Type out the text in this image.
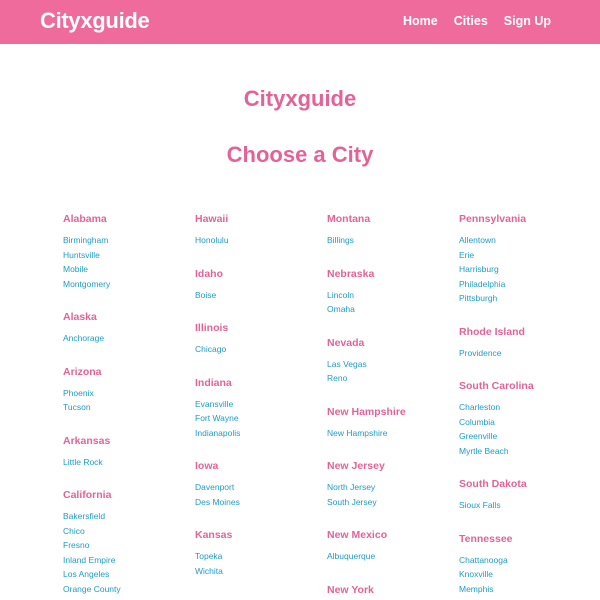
Cityxguide	Home Cities Sign Up
Cityxguide
Choose a City
Alabama
Birmingham
Huntsville
Mobile
Montgomery
Alaska
Anchorage
Arizona
Phoenix
Tucson
Arkansas
Little Rock
California
Bakersfield
Chico
Fresno
Inland Empire
Los Angeles
Orange County
Hawaii
Honolulu
Idaho
Boise
Illinois
Chicago
Indiana
Evansville
Fort Wayne
Indianapolis
Iowa
Davenport
Des Moines
Kansas
Topeka
Wichita
Montana
Billings
Nebraska
Lincoln
Omaha
Nevada
Las Vegas
Reno
New Hampshire
New Hampshire
New Jersey
North Jersey
South Jersey
New Mexico
Albuquerque
New York
Pennsylvania
Allentown
Erie
Harrisburg
Philadelphia
Pittsburgh
Rhode Island
Providence
South Carolina
Charleston
Columbia
Greenville
Myrtle Beach
South Dakota
Sioux Falls
Tennessee
Chattanooga
Knoxville
Memphis
